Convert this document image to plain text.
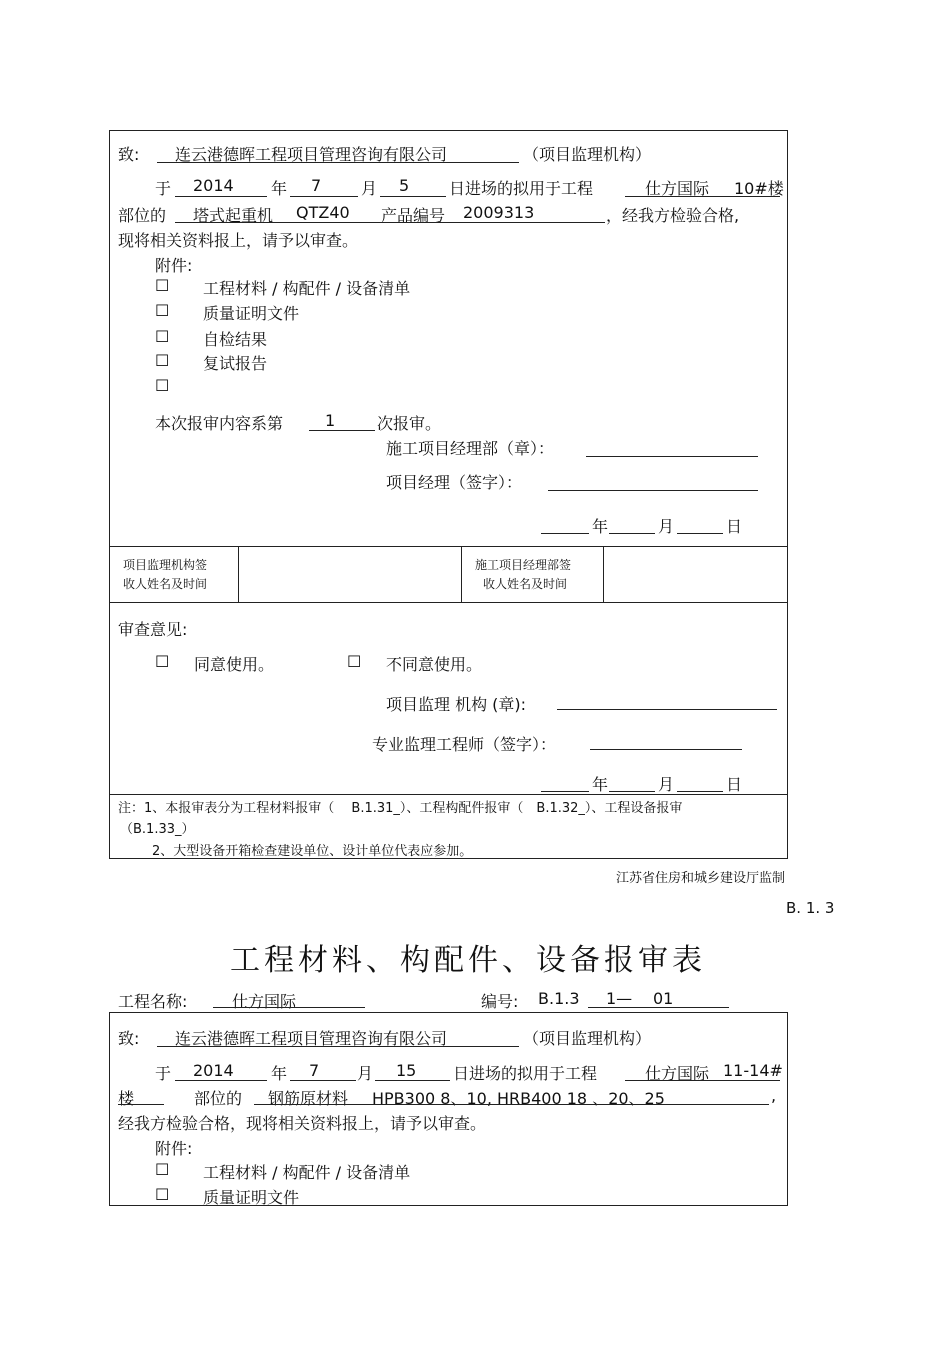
致: 连云港德晖工程项目管理咨询有限公司	（项目监理机构）
于 2014 年 7 月 5 日进场的拟用于工程	仕方国际 10#楼
部位的 塔式起重机 QTZ40 产品编号 2009313	，经我方检验合格,
现将相关资料报上，请予以审查。
附件:
☐ 工程材料 / 构配件 / 设备清单
☐ 质量证明文件
☐ 自检结果
☐ 复试报告
☐
本次报审内容系第	1	次报审。
施工项目经理部（章）：
项目经理（签字）：
年	月	日
项目监理机构签
收人姓名及时间
施工项目经理部签
收人姓名及时间
审查意见:
☐ 同意使用。	☐ 不同意使用。
项目监理 机构 (章):
专业监理工程师（签字）：
年	月	日
注：1、本报审表分为工程材料报审（　 B.1.31_）、工程构配件报审（　B.1.32_）、工程设备报审
（B.1.33_）
2、大型设备开箱检查建设单位、设计单位代表应参加。
江苏省住房和城乡建设厅监制
B. 1. 3
工程材料、构配件、设备报审表
工程名称:	仕方国际	编号: B.1.3 1— 01
致: 连云港德晖工程项目管理咨询有限公司	（项目监理机构）
于 2014 年 7 月 15 日进场的拟用于工程	仕方国际 11-14#
楼	部位的 钢筋原材料 HPB300 8、10, HRB400 18 、20、25	,
经我方检验合格，现将相关资料报上，请予以审查。
附件:
☐ 工程材料 / 构配件 / 设备清单
☐ 质量证明文件
